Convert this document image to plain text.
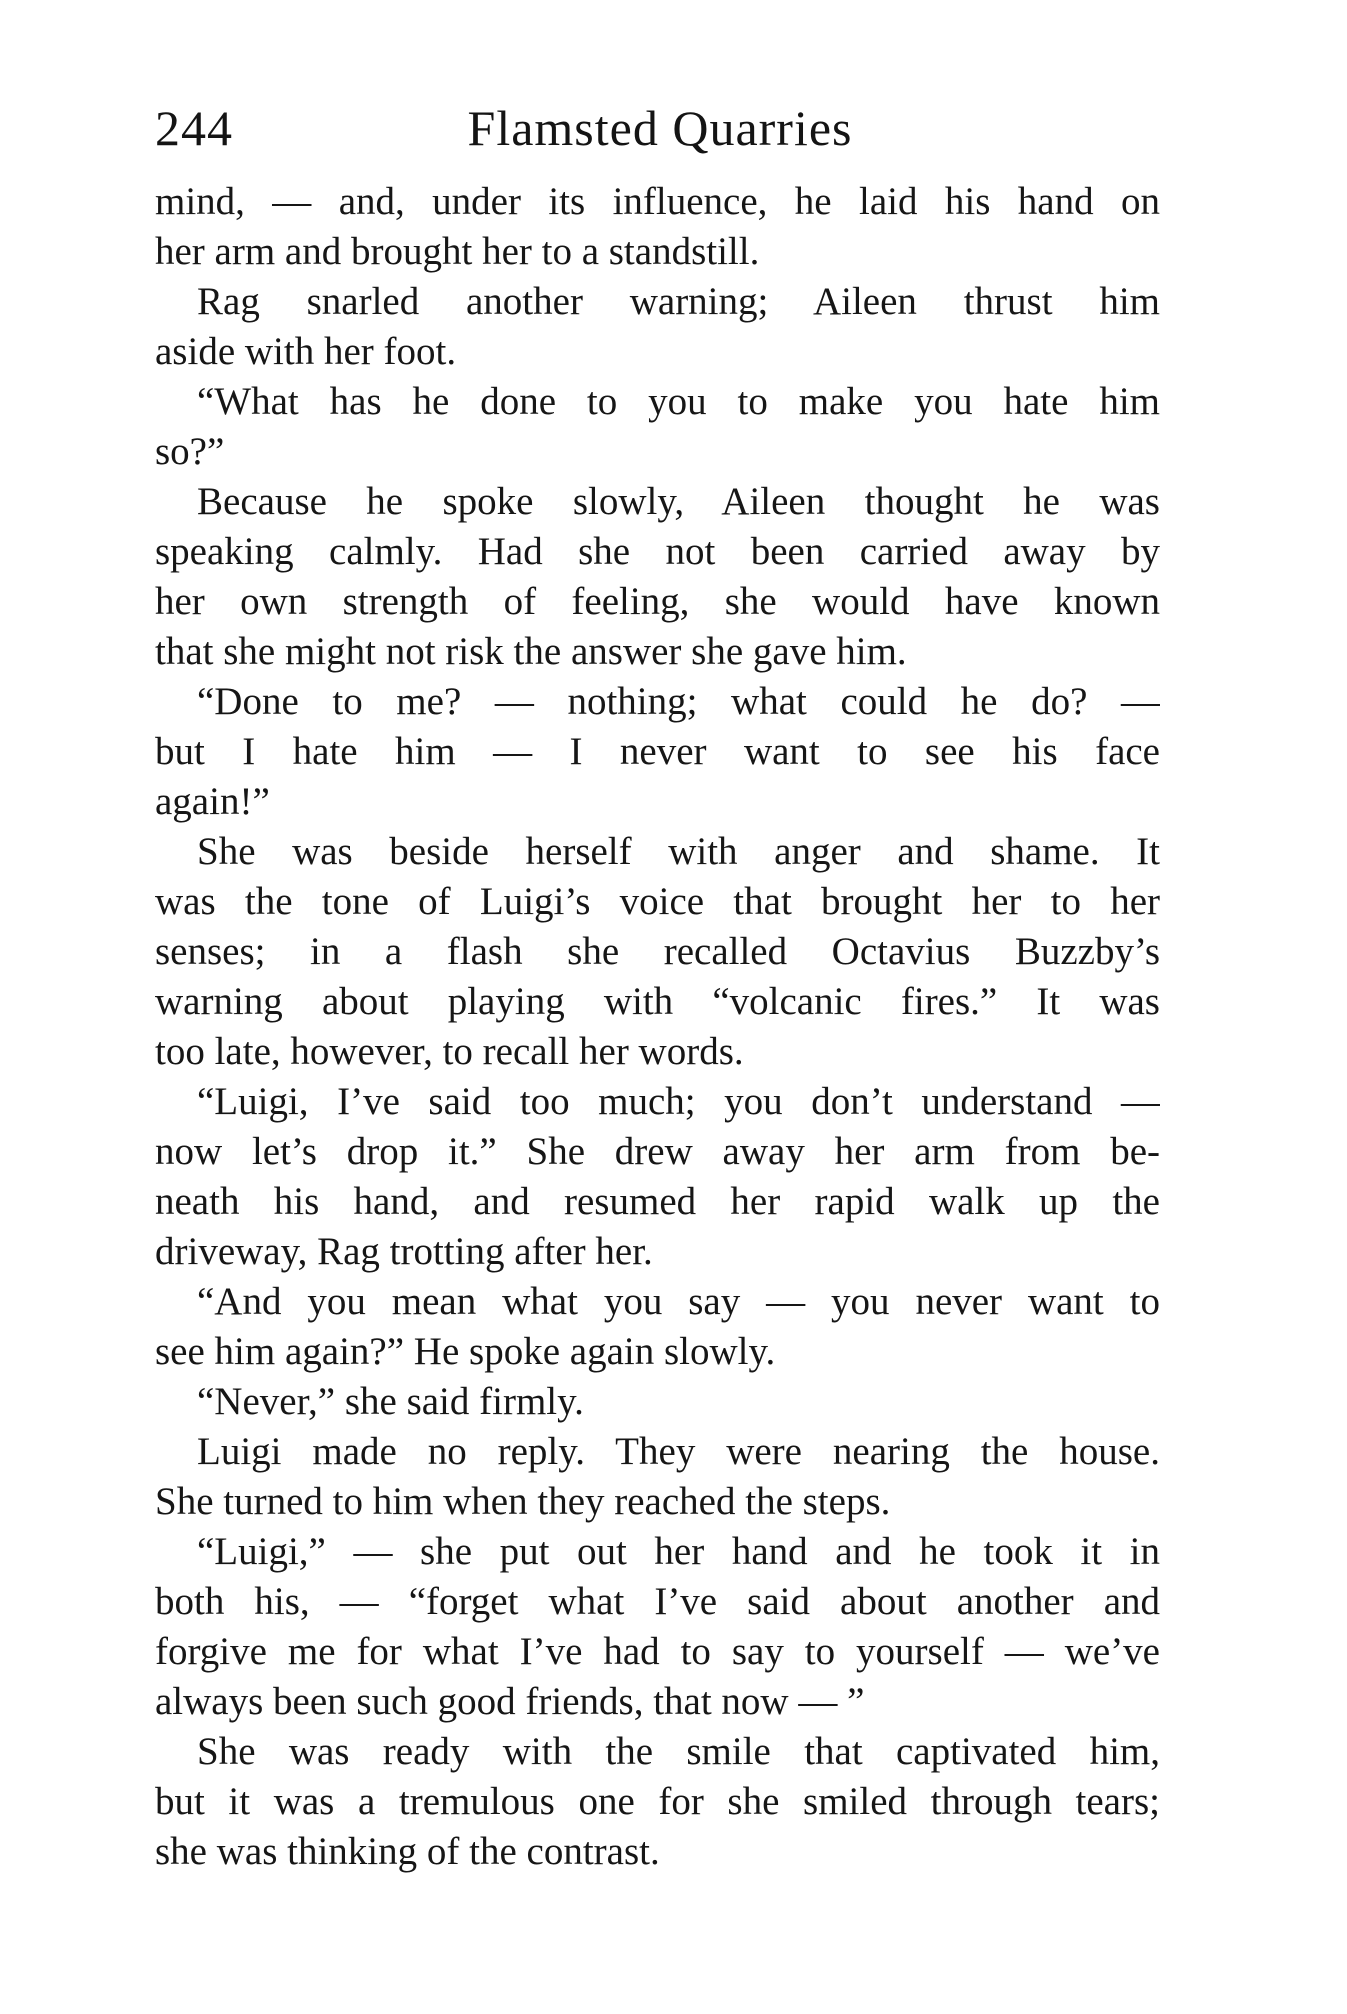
244	Flamsted Quarries
mind, — and, under its influence, he laid his hand on
her arm and brought her to a standstill.
Rag snarled another warning; Aileen thrust him
aside with her foot.
“What has he done to you to make you hate him
so?”
Because he spoke slowly, Aileen thought he was
speaking calmly. Had she not been carried away by
her own strength of feeling, she would have known
that she might not risk the answer she gave him.
“Done to me? — nothing; what could he do? —
but I hate him — I never want to see his face
again!”
She was beside herself with anger and shame. It
was the tone of Luigi’s voice that brought her to her
senses; in a flash she recalled Octavius Buzzby’s
warning about playing with “volcanic fires.” It was
too late, however, to recall her words.
“Luigi, I’ve said too much; you don’t understand —
now let’s drop it.” She drew away her arm from be-
neath his hand, and resumed her rapid walk up the
driveway, Rag trotting after her.
“And you mean what you say — you never want to
see him again?” He spoke again slowly.
“Never,” she said firmly.
Luigi made no reply. They were nearing the house.
She turned to him when they reached the steps.
“Luigi,” — she put out her hand and he took it in
both his, — “forget what I’ve said about another and
forgive me for what I’ve had to say to yourself — we’ve
always been such good friends, that now — ”
She was ready with the smile that captivated him,
but it was a tremulous one for she smiled through tears;
she was thinking of the contrast.
